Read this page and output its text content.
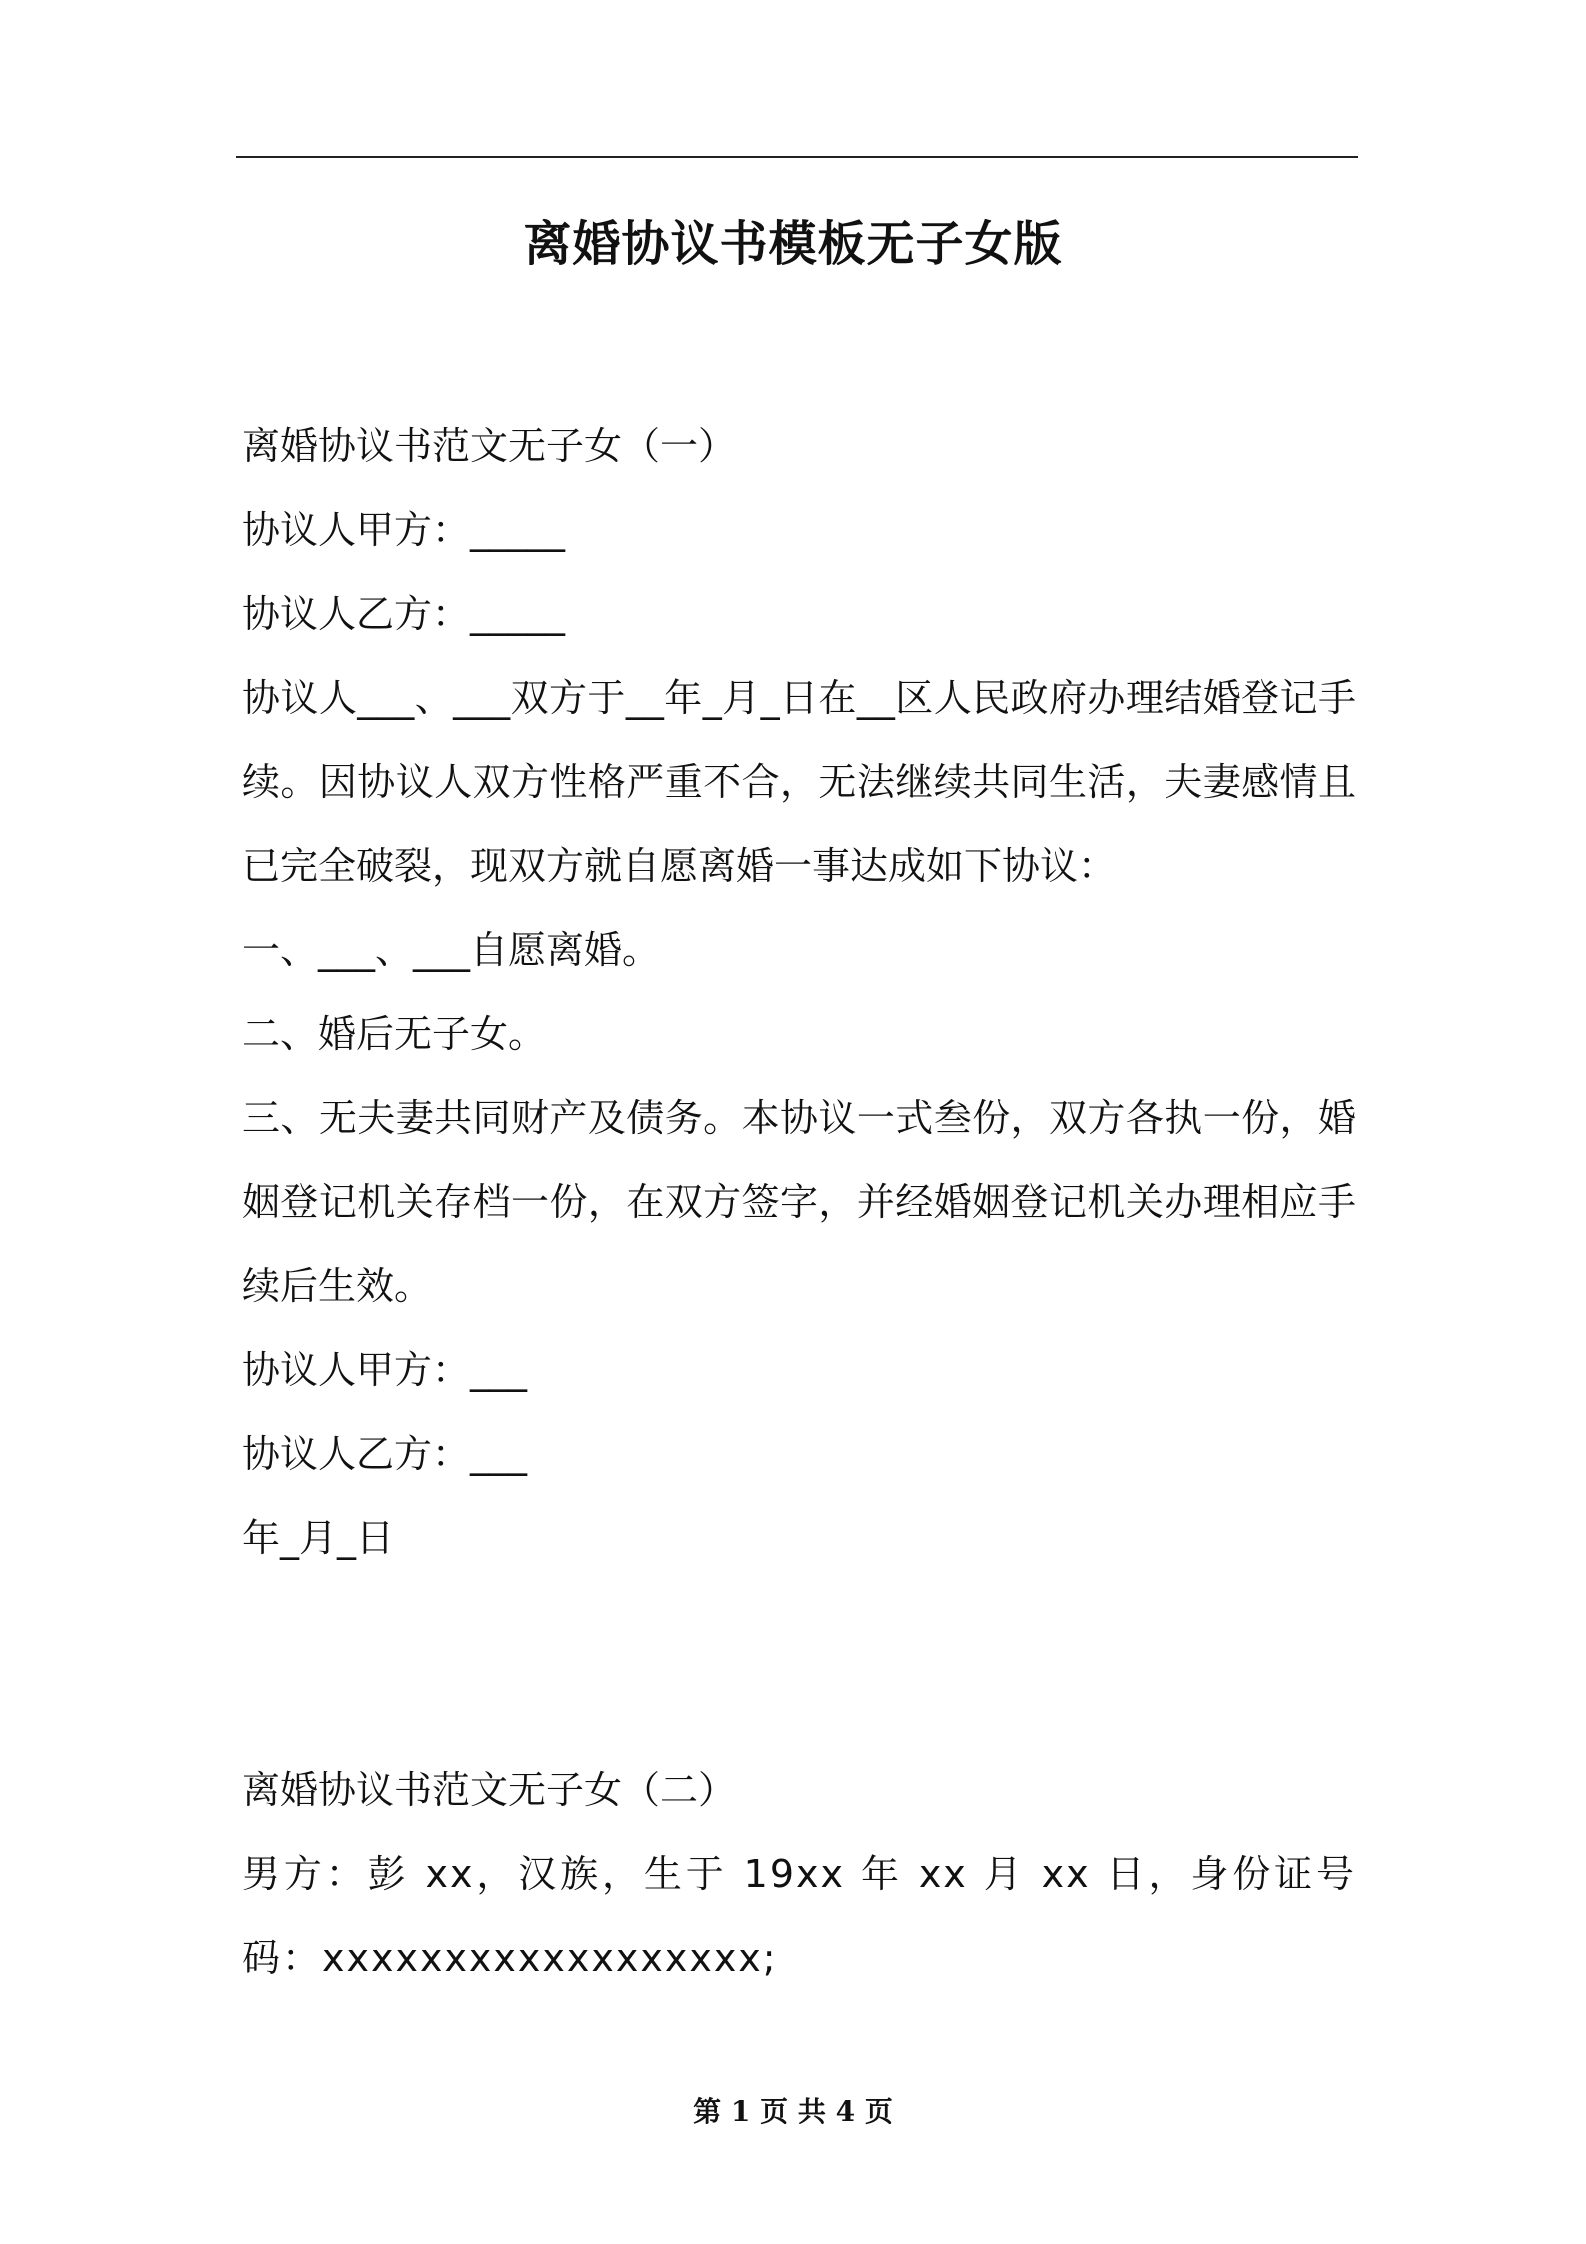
离婚协议书模板无子女版

离婚协议书范文无子女（一）

协议人甲方：_____

协议人乙方：_____

协议人___、___双方于__年_月_日在__区人民政府办理结婚登记手续。因协议人双方性格严重不合，无法继续共同生活，夫妻感情且已完全破裂，现双方就自愿离婚一事达成如下协议：

一、___、___自愿离婚。

二、婚后无子女。

三、无夫妻共同财产及债务。本协议一式叁份，双方各执一份，婚姻登记机关存档一份，在双方签字，并经婚姻登记机关办理相应手续后生效。

协议人甲方：___

协议人乙方：___

年_月_日

离婚协议书范文无子女（二）

男方：彭 xx，汉族，生于 19xx 年 xx 月 xx 日，身份证号码：xxxxxxxxxxxxxxxxxx;

第 1 页 共 4 页
